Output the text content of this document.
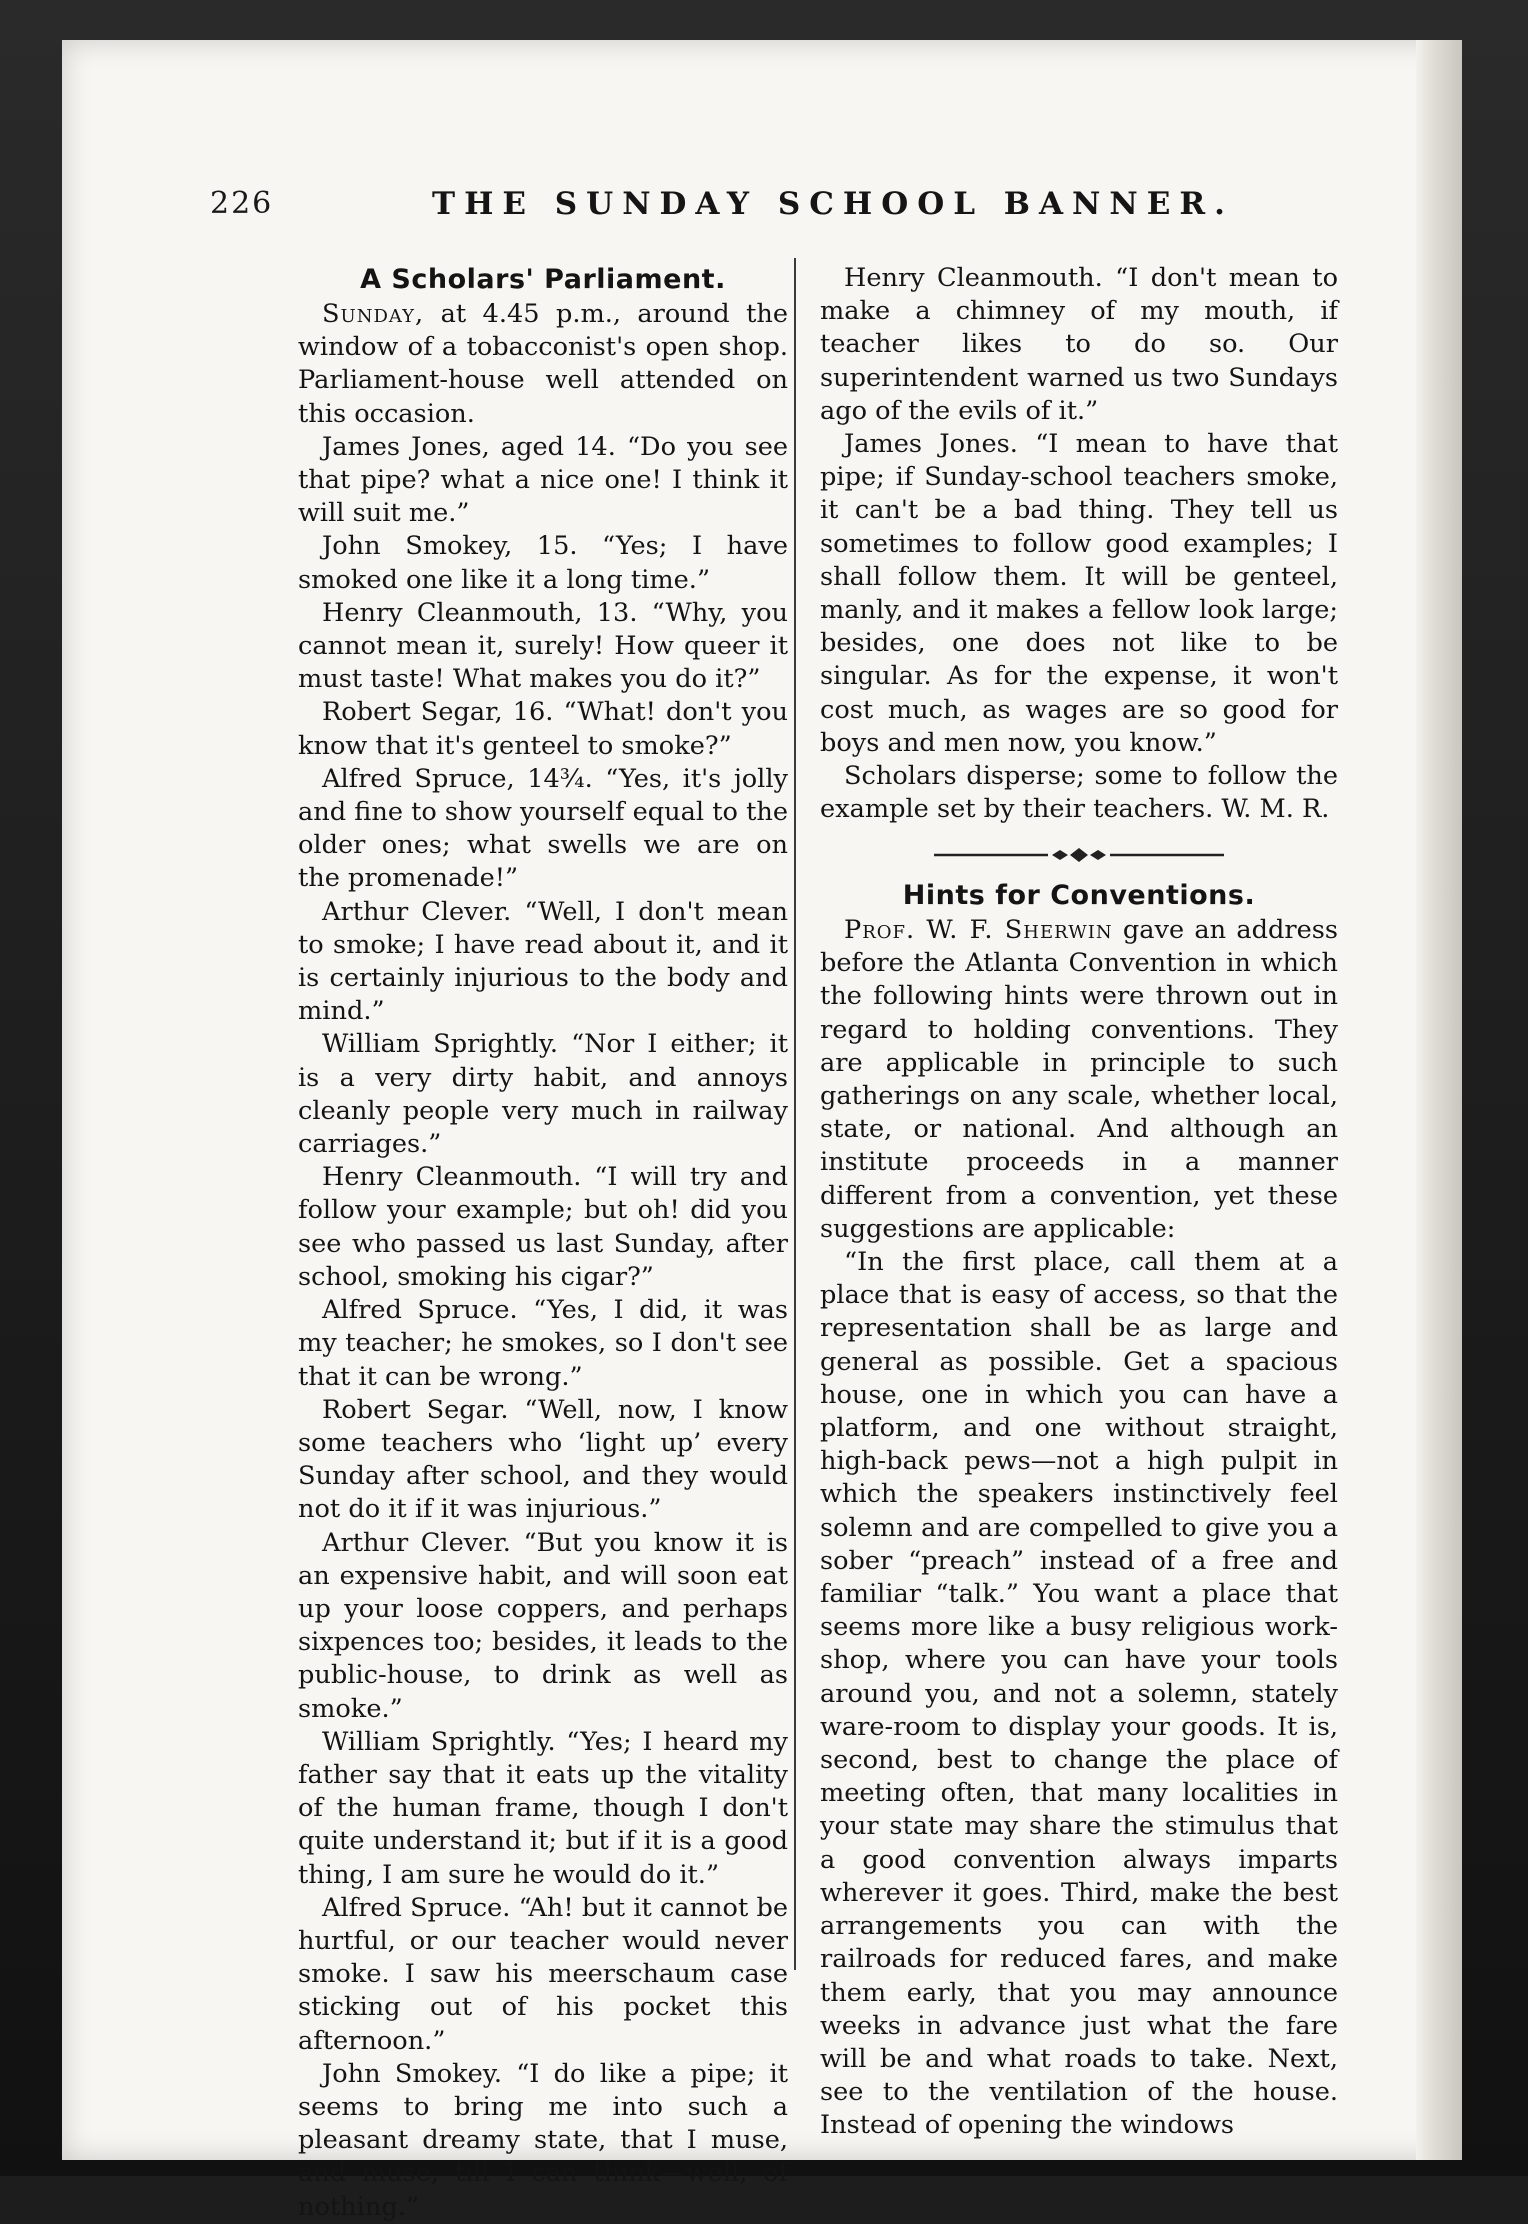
226	THE SUNDAY SCHOOL BANNER.
A Scholars' Parliament.

Sunday, at 4.45 p.m., around the window of a tobacconist's open shop. Parliament-house well attended on this occasion.

James Jones, aged 14. “Do you see that pipe? what a nice one! I think it will suit me.”

John Smokey, 15. “Yes; I have smoked one like it a long time.”

Henry Cleanmouth, 13. “Why, you cannot mean it, surely! How queer it must taste! What makes you do it?”

Robert Segar, 16. “What! don't you know that it's genteel to smoke?”

Alfred Spruce, 14¾. “Yes, it's jolly and fine to show yourself equal to the older ones; what swells we are on the promenade!”

Arthur Clever. “Well, I don't mean to smoke; I have read about it, and it is certainly injurious to the body and mind.”

William Sprightly. “Nor I either; it is a very dirty habit, and annoys cleanly people very much in railway carriages.”

Henry Cleanmouth. “I will try and follow your example; but oh! did you see who passed us last Sunday, after school, smoking his cigar?”

Alfred Spruce. “Yes, I did, it was my teacher; he smokes, so I don't see that it can be wrong.”

Robert Segar. “Well, now, I know some teachers who ‘light up’ every Sunday after school, and they would not do it if it was injurious.”

Arthur Clever. “But you know it is an expensive habit, and will soon eat up your loose coppers, and perhaps sixpences too; besides, it leads to the public-house, to drink as well as smoke.”

William Sprightly. “Yes; I heard my father say that it eats up the vitality of the human frame, though I don't quite understand it; but if it is a good thing, I am sure he would do it.”

Alfred Spruce. “Ah! but it cannot be hurtful, or our teacher would never smoke. I saw his meerschaum case sticking out of his pocket this afternoon.”

John Smokey. “I do like a pipe; it seems to bring me into such a pleasant dreamy state, that I muse, and muse, till I can think—well, of nothing.”

Henry Cleanmouth. “I don't mean to make a chimney of my mouth, if teacher likes to do so. Our superintendent warned us two Sundays ago of the evils of it.”

James Jones. “I mean to have that pipe; if Sunday-school teachers smoke, it can't be a bad thing. They tell us sometimes to follow good examples; I shall follow them. It will be genteel, manly, and it makes a fellow look large; besides, one does not like to be singular. As for the expense, it won't cost much, as wages are so good for boys and men now, you know.”

Scholars disperse; some to follow the example set by their teachers. W. M. R.

Hints for Conventions.

Prof. W. F. Sherwin gave an address before the Atlanta Convention in which the following hints were thrown out in regard to holding conventions. They are applicable in principle to such gatherings on any scale, whether local, state, or national. And although an institute proceeds in a manner different from a convention, yet these suggestions are applicable:

“In the first place, call them at a place that is easy of access, so that the representation shall be as large and general as possible. Get a spacious house, one in which you can have a platform, and one without straight, high-back pews—not a high pulpit in which the speakers instinctively feel solemn and are compelled to give you a sober “preach” instead of a free and familiar “talk.” You want a place that seems more like a busy religious work-shop, where you can have your tools around you, and not a solemn, stately ware-room to display your goods. It is, second, best to change the place of meeting often, that many localities in your state may share the stimulus that a good convention always imparts wherever it goes. Third, make the best arrangements you can with the railroads for reduced fares, and make them early, that you may announce weeks in advance just what the fare will be and what roads to take. Next, see to the ventilation of the house. Instead of opening the windows
